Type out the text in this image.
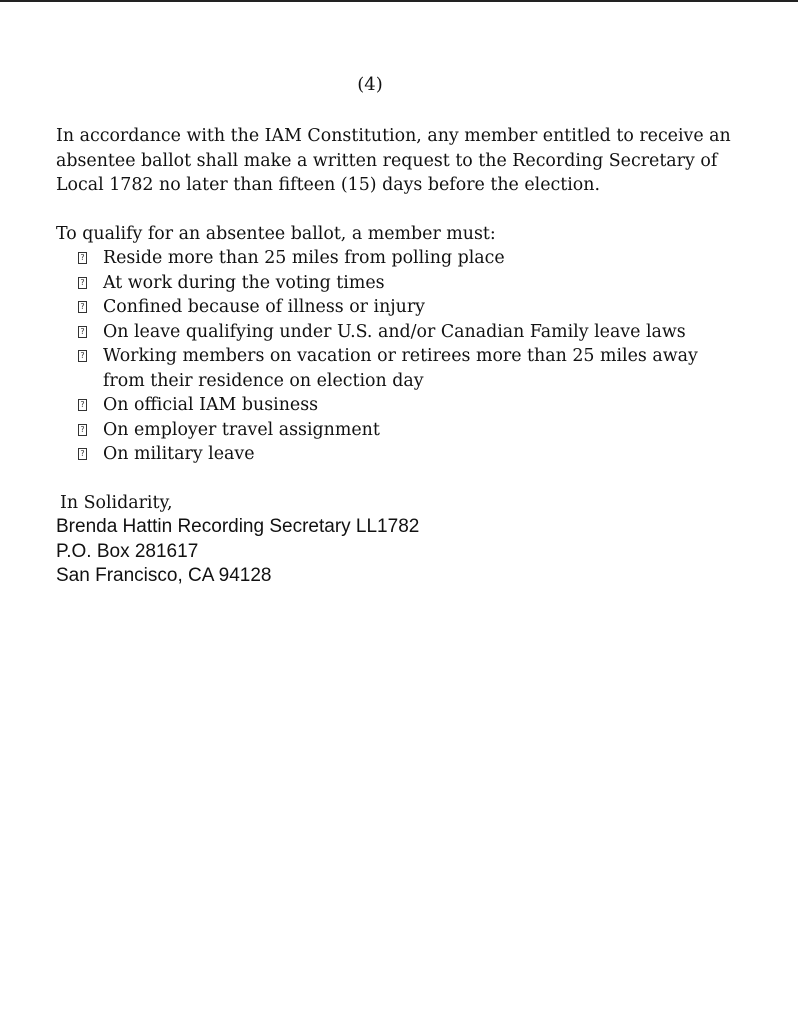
(4)
In accordance with the IAM Constitution, any member entitled to receive an
absentee ballot shall make a written request to the Recording Secretary of
Local 1782 no later than fifteen (15) days before the election.
To qualify for an absentee ballot, a member must:
? Reside more than 25 miles from polling place
? At work during the voting times
? Confined because of illness or injury
? On leave qualifying under U.S. and/or Canadian Family leave laws
? Working members on vacation or retirees more than 25 miles away
from their residence on election day
? On official IAM business
? On employer travel assignment
? On military leave
In Solidarity,
Brenda Hattin Recording Secretary LL1782
P.O. Box 281617
San Francisco, CA 94128
